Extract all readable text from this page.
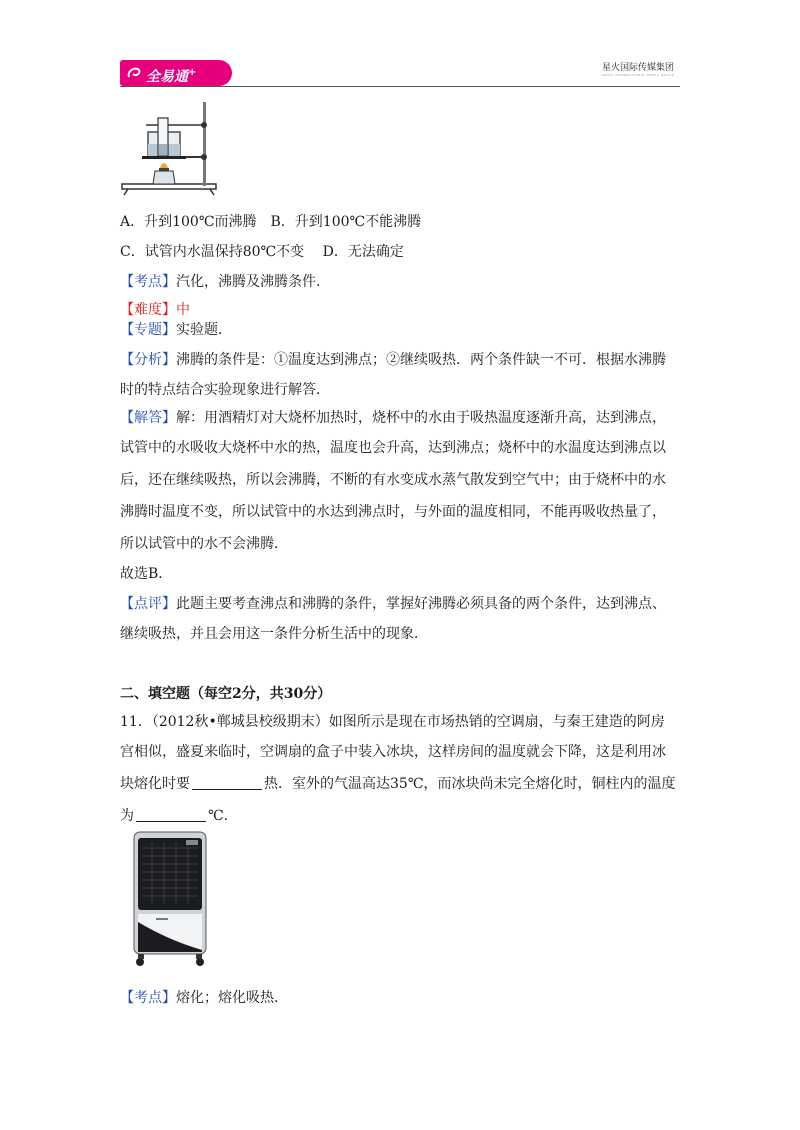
全易通+	星火国际传媒集团
SPARK INTERNATIONAL MEDIA GROUP
A．升到100℃而沸腾　B．升到100℃不能沸腾
C．试管内水温保持80℃不变　 D．无法确定
【考点】汽化，沸腾及沸腾条件．
【难度】中
【专题】实验题．
【分析】沸腾的条件是：①温度达到沸点；②继续吸热．两个条件缺一不可．根据水沸腾
时的特点结合实验现象进行解答．
【解答】解：用酒精灯对大烧杯加热时，烧杯中的水由于吸热温度逐渐升高，达到沸点，
试管中的水吸收大烧杯中水的热，温度也会升高，达到沸点；烧杯中的水温度达到沸点以
后，还在继续吸热，所以会沸腾，不断的有水变成水蒸气散发到空气中；由于烧杯中的水
沸腾时温度不变，所以试管中的水达到沸点时，与外面的温度相同，不能再吸收热量了，
所以试管中的水不会沸腾．
故选B．
【点评】此题主要考查沸点和沸腾的条件，掌握好沸腾必须具备的两个条件，达到沸点、
继续吸热，并且会用这一条件分析生活中的现象．
二、填空题（每空2分，共30分）
11．（2012秋•郸城县校级期末）如图所示是现在市场热销的空调扇，与秦王建造的阿房
宫相似，盛夏来临时，空调扇的盒子中装入冰块，这样房间的温度就会下降，这是利用冰
块熔化时要	热．室外的气温高达35℃，而冰块尚未完全熔化时，铜柱内的温度
为	℃．
【考点】熔化；熔化吸热．
